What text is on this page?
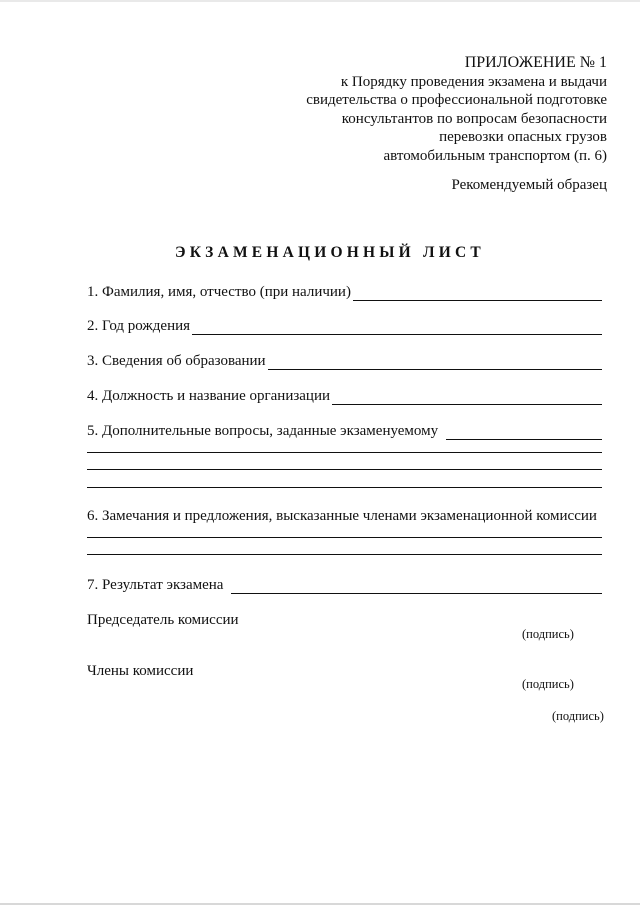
ПРИЛОЖЕНИЕ № 1
к Порядку проведения экзамена и выдачи
свидетельства о профессиональной подготовке
консультантов по вопросам безопасности
перевозки опасных грузов
автомобильным транспортом (п. 6)
Рекомендуемый образец
ЭКЗАМЕНАЦИОННЫЙ ЛИСТ
1. Фамилия, имя, отчество (при наличии)
2. Год рождения
3. Сведения об образовании
4. Должность и название организации
5. Дополнительные вопросы, заданные экзаменуемому
6. Замечания и предложения, высказанные членами экзаменационной комиссии
7. Результат экзамена
Председатель комиссии
(подпись)
Члены комиссии
(подпись)
(подпись)
